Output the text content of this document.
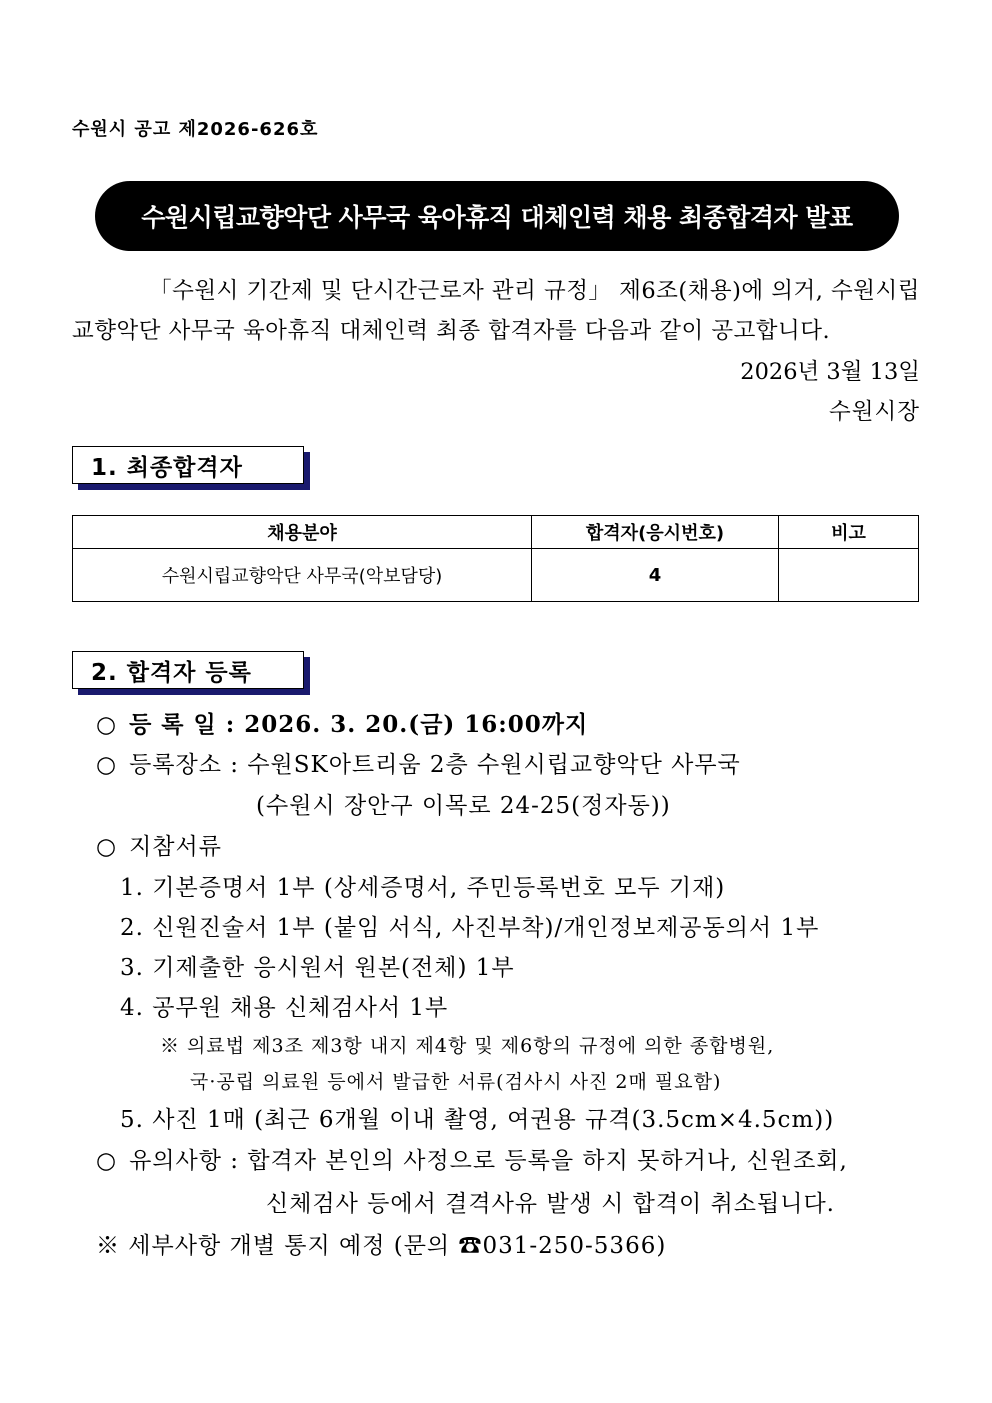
수원시 공고 제2026-626호
수원시립교향악단 사무국 육아휴직 대체인력 채용 최종합격자 발표
「수원시 기간제 및 단시간근로자 관리 규정」 제6조(채용)에 의거, 수원시립
교향악단 사무국 육아휴직 대체인력 최종 합격자를 다음과 같이 공고합니다.
2026년 3월 13일
수원시장
1. 최종합격자
채용분야	합격자(응시번호)	비고
수원시립교향악단 사무국(악보담당)	4	
2. 합격자 등록
○ 등 록 일 : 2026. 3. 20.(금) 16:00까지
○ 등록장소 : 수원SK아트리움 2층 수원시립교향악단 사무국
(수원시 장안구 이목로 24-25(정자동))
○ 지참서류
1. 기본증명서 1부 (상세증명서, 주민등록번호 모두 기재)
2. 신원진술서 1부 (붙임 서식, 사진부착)/개인정보제공동의서 1부
3. 기제출한 응시원서 원본(전체) 1부
4. 공무원 채용 신체검사서 1부
※ 의료법 제3조 제3항 내지 제4항 및 제6항의 규정에 의한 종합병원,
국·공립 의료원 등에서 발급한 서류(검사시 사진 2매 필요함)
5. 사진 1매 (최근 6개월 이내 촬영, 여권용 규격(3.5cm×4.5cm))
○ 유의사항 : 합격자 본인의 사정으로 등록을 하지 못하거나, 신원조회,
신체검사 등에서 결격사유 발생 시 합격이 취소됩니다.
※ 세부사항 개별 통지 예정 (문의 ☎031-250-5366)
